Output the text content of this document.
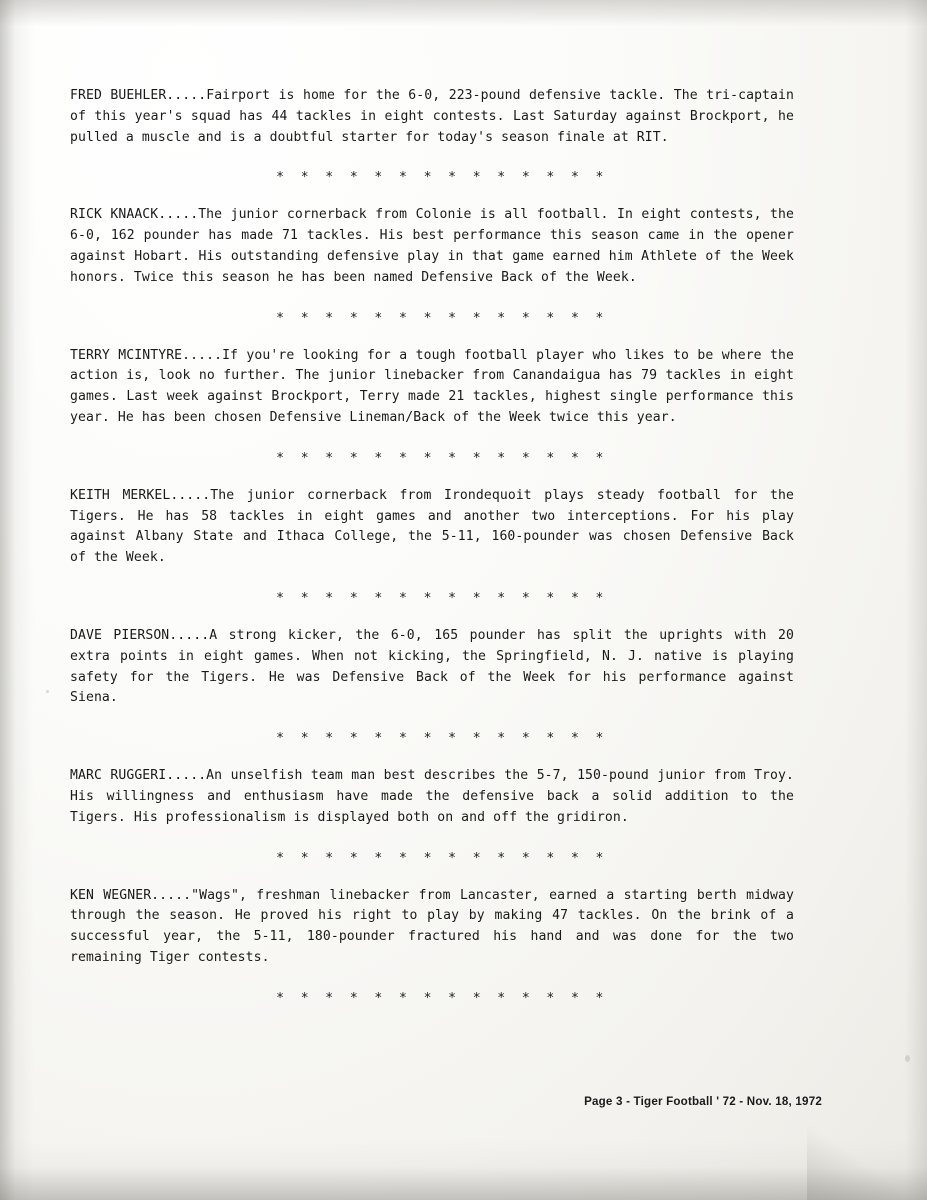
FRED BUEHLER.....Fairport is home for the 6-0, 223-pound defensive tackle. The tri-captain of this year's squad has 44 tackles in eight contests. Last Saturday against Brockport, he pulled a muscle and is a doubtful starter for today's season finale at RIT.

* * * * * * * * * * * * * *

RICK KNAACK.....The junior cornerback from Colonie is all football. In eight contests, the 6-0, 162 pounder has made 71 tackles. His best performance this season came in the opener against Hobart. His outstanding defensive play in that game earned him Athlete of the Week honors. Twice this season he has been named Defensive Back of the Week.

* * * * * * * * * * * * * *

TERRY MCINTYRE.....If you're looking for a tough football player who likes to be where the action is, look no further. The junior linebacker from Canandaigua has 79 tackles in eight games. Last week against Brockport, Terry made 21 tackles, highest single performance this year. He has been chosen Defensive Lineman/Back of the Week twice this year.

* * * * * * * * * * * * * *

KEITH MERKEL.....The junior cornerback from Irondequoit plays steady football for the Tigers. He has 58 tackles in eight games and another two interceptions. For his play against Albany State and Ithaca College, the 5-11, 160-pounder was chosen Defensive Back of the Week.

* * * * * * * * * * * * * *

DAVE PIERSON.....A strong kicker, the 6-0, 165 pounder has split the uprights with 20 extra points in eight games. When not kicking, the Springfield, N. J. native is playing safety for the Tigers. He was Defensive Back of the Week for his performance against Siena.

* * * * * * * * * * * * * *

MARC RUGGERI.....An unselfish team man best describes the 5-7, 150-pound junior from Troy. His willingness and enthusiasm have made the defensive back a solid addition to the Tigers. His professionalism is displayed both on and off the gridiron.

* * * * * * * * * * * * * *

KEN WEGNER....."Wags", freshman linebacker from Lancaster, earned a starting berth midway through the season. He proved his right to play by making 47 tackles. On the brink of a successful year, the 5-11, 180-pounder fractured his hand and was done for the two remaining Tiger contests.

* * * * * * * * * * * * * *
Page 3 - Tiger Football ' 72 - Nov. 18, 1972
